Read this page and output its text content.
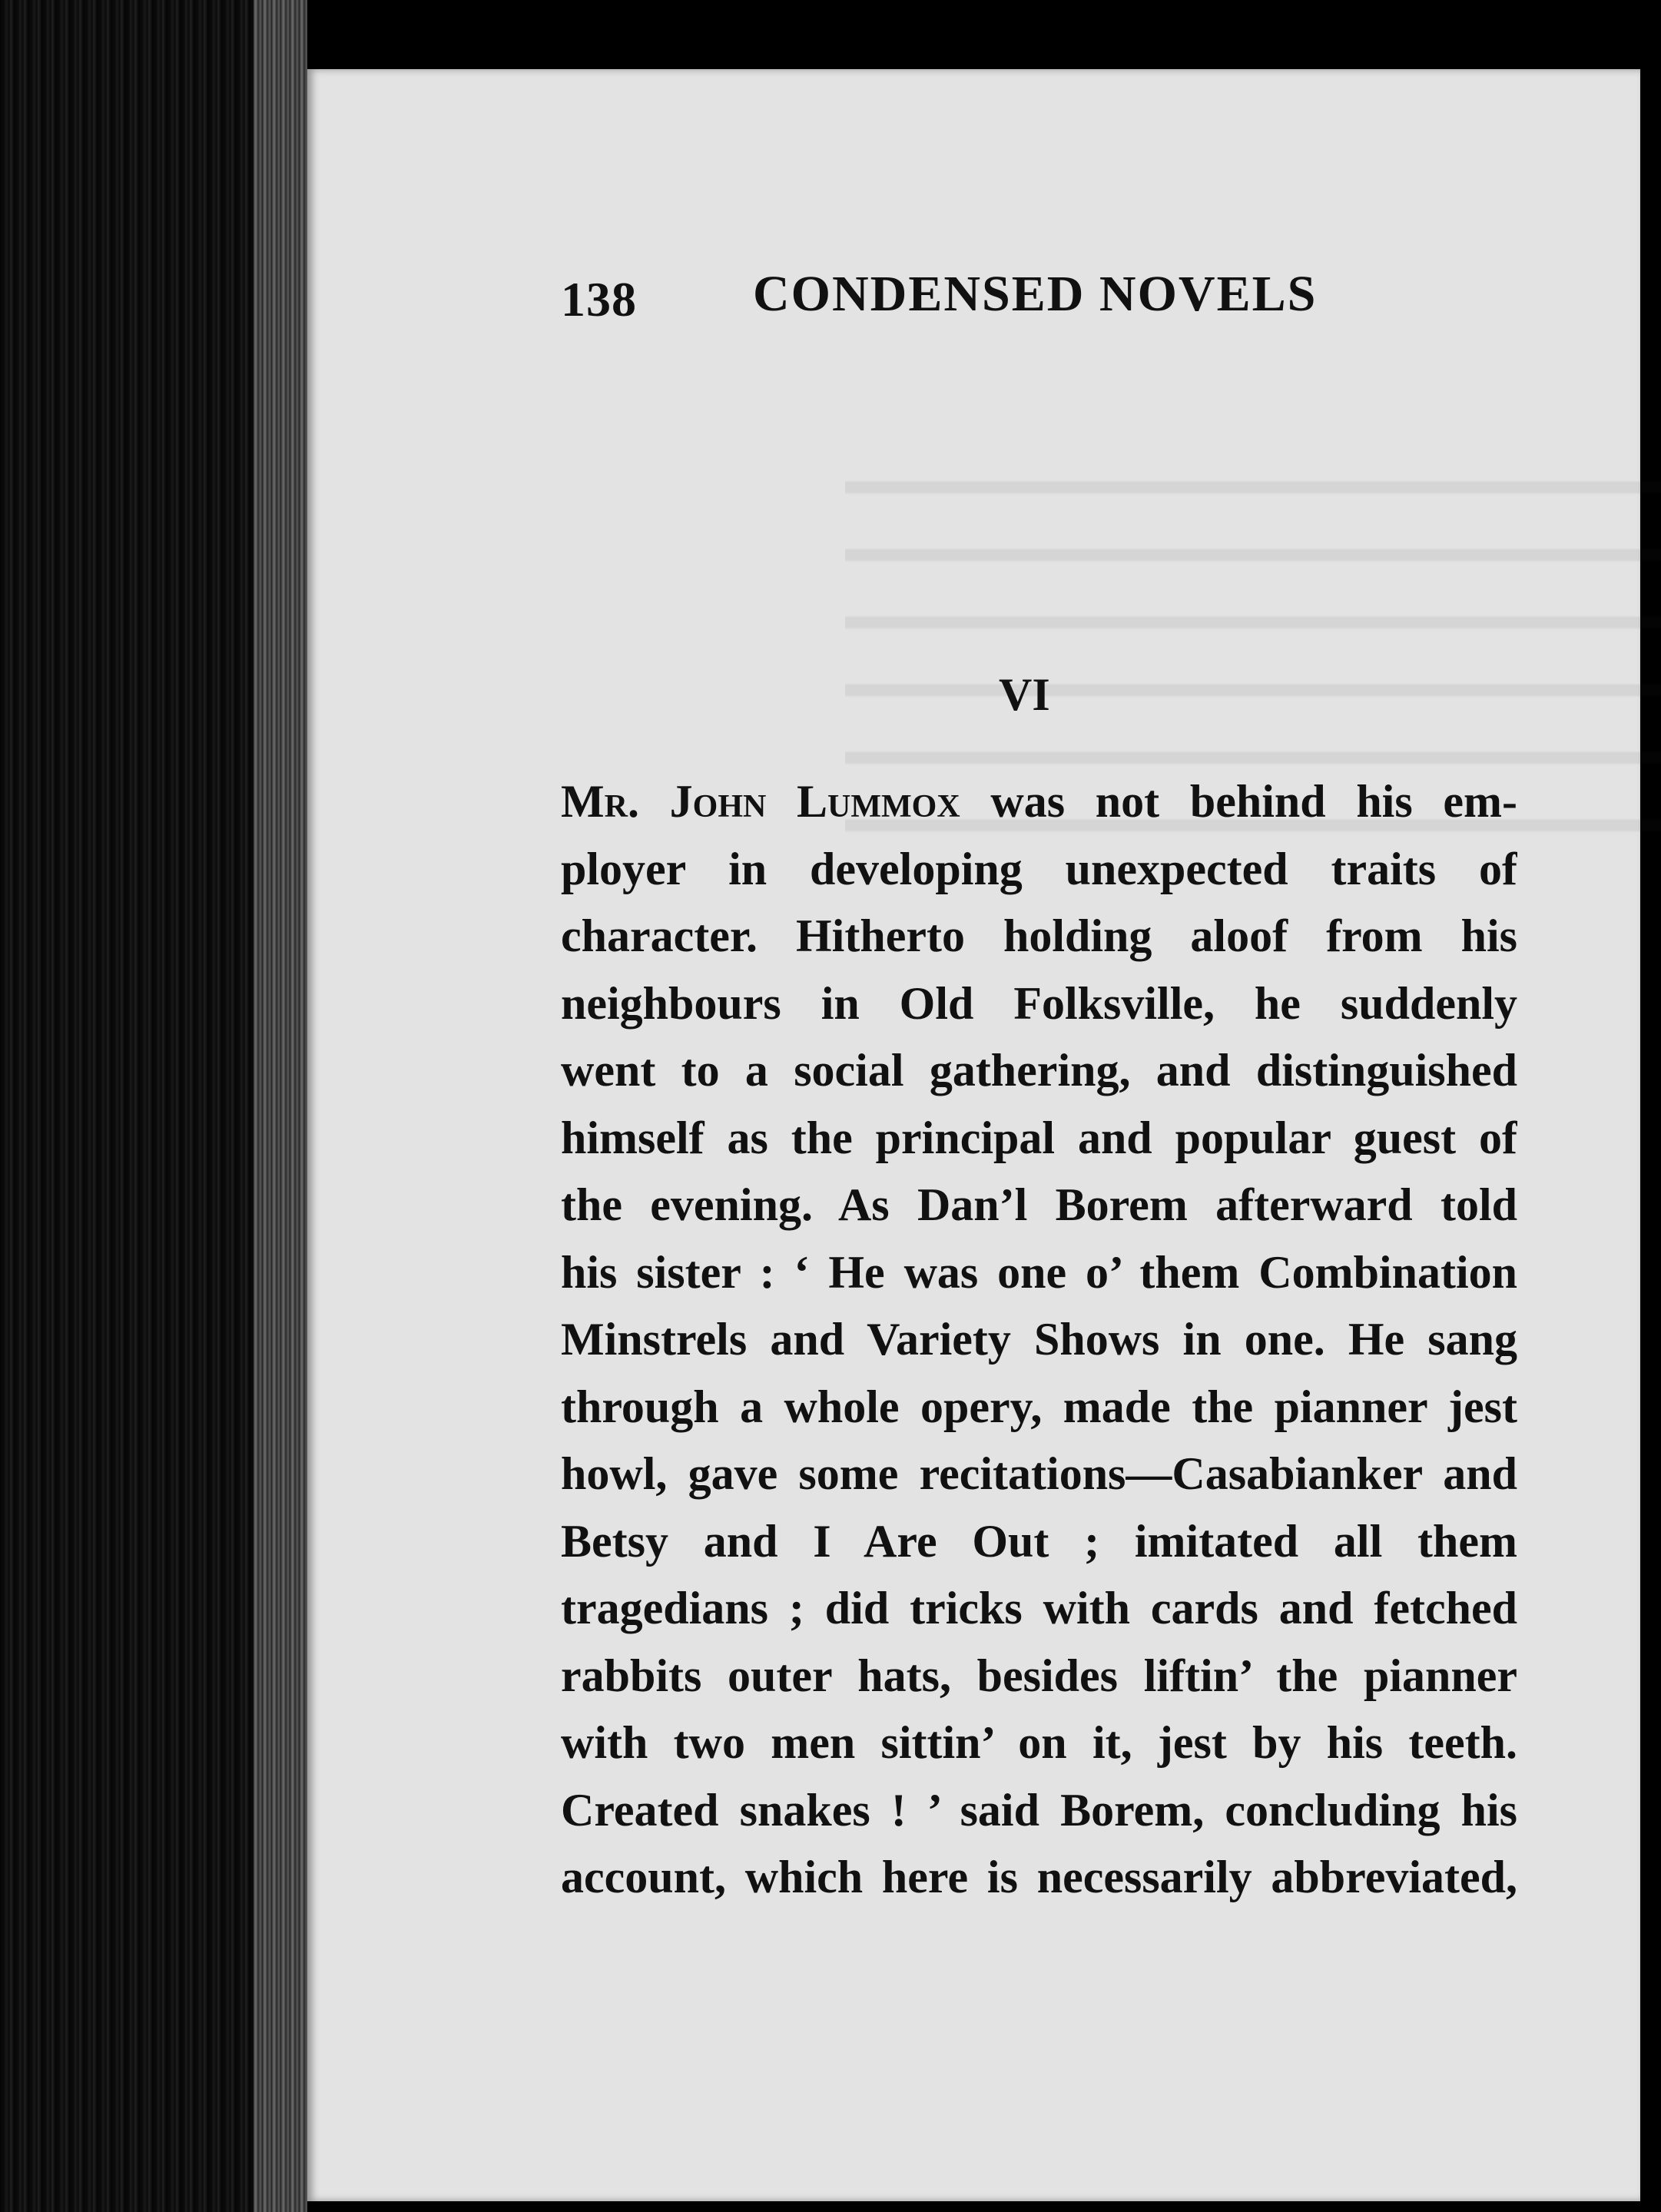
138 CONDENSED NOVELS
VI
Mr. John Lummox was not behind his em-
ployer in developing unexpected traits of
character. Hitherto holding aloof from his
neighbours in Old Folksville, he suddenly
went to a social gathering, and distinguished
himself as the principal and popular guest of
the evening. As Dan’l Borem afterward told
his sister : ‘ He was one o’ them Combination
Minstrels and Variety Shows in one. He sang
through a whole opery, made the pianner jest
howl, gave some recitations—Casabianker and
Betsy and I Are Out ; imitated all them
tragedians ; did tricks with cards and fetched
rabbits outer hats, besides liftin’ the pianner
with two men sittin’ on it, jest by his teeth.
Created snakes ! ’ said Borem, concluding his
account, which here is necessarily abbreviated,
